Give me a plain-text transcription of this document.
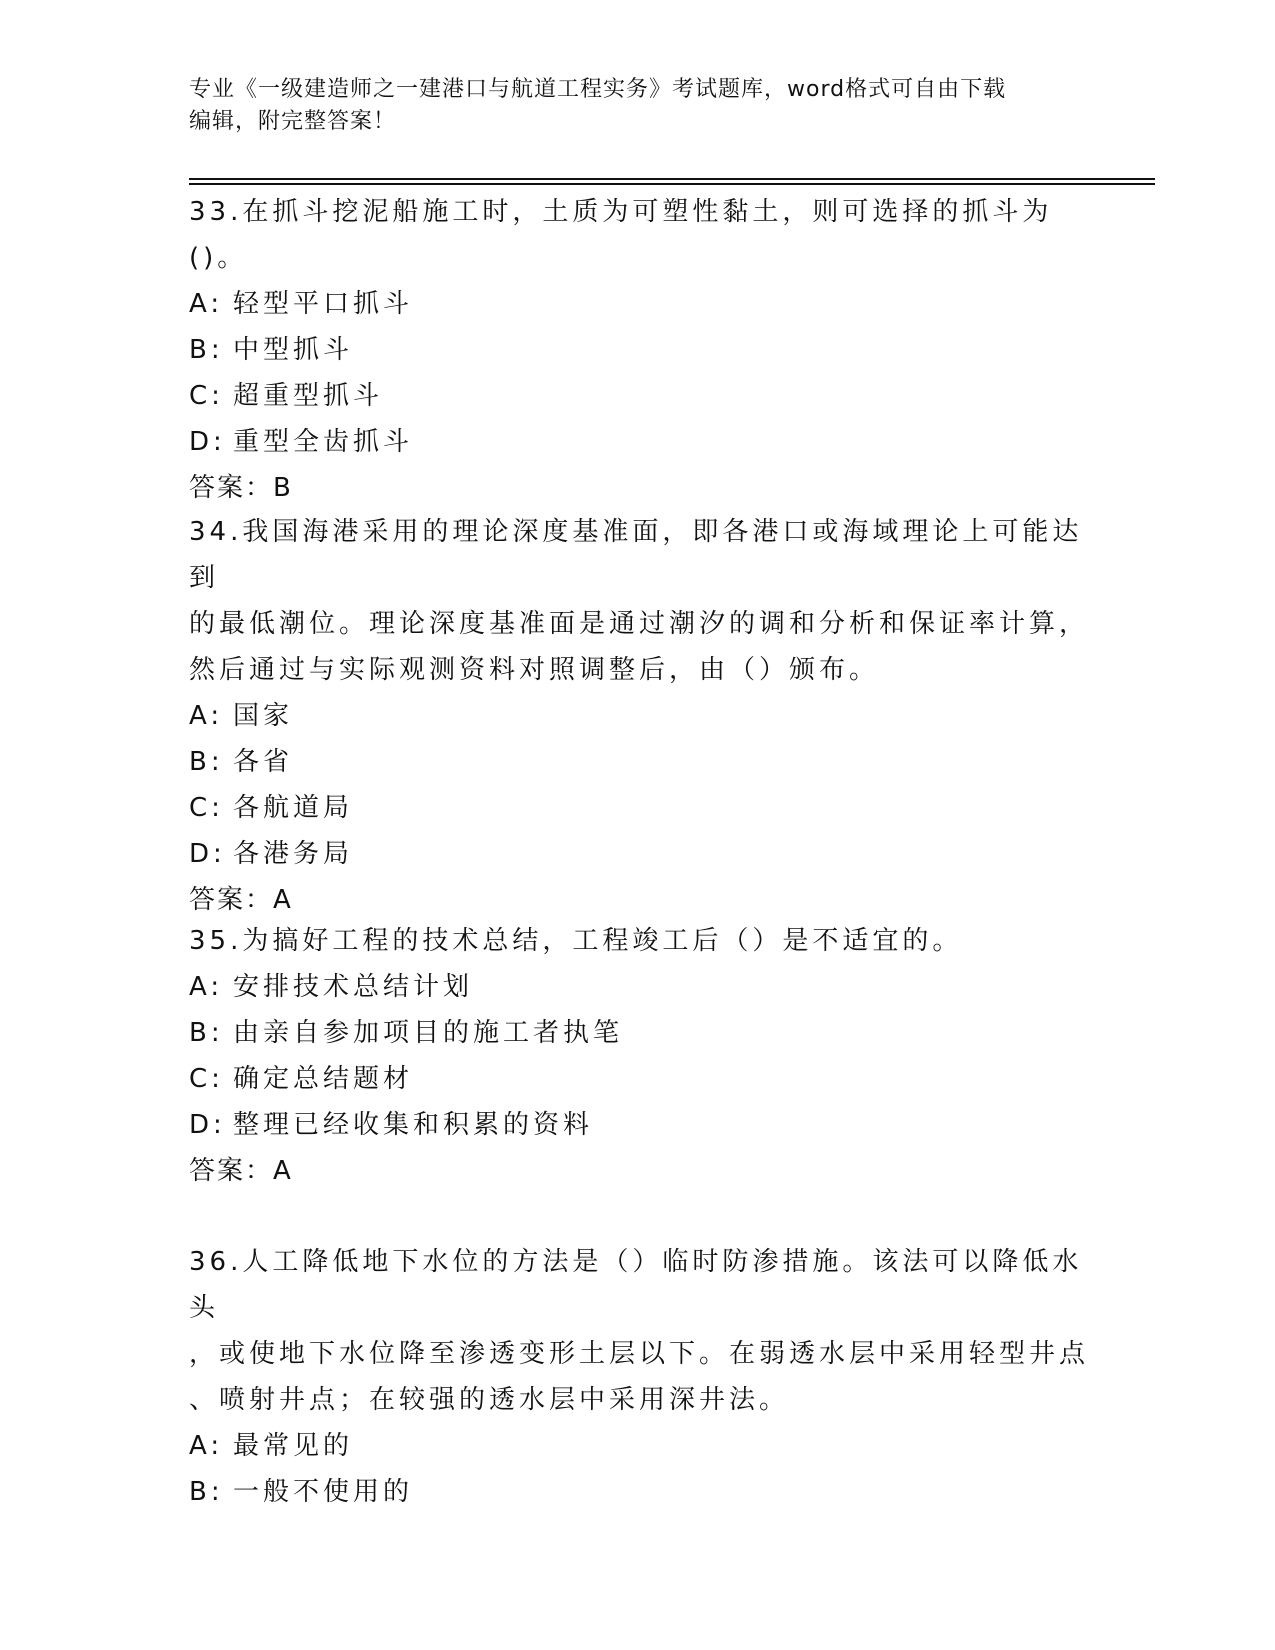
专业《一级建造师之一建港口与航道工程实务》考试题库，word格式可自由下载
编辑，附完整答案！
33.在抓斗挖泥船施工时，土质为可塑性黏土，则可选择的抓斗为()。
A: 轻型平口抓斗
B: 中型抓斗
C: 超重型抓斗
D: 重型全齿抓斗
答案：B
34.我国海港采用的理论深度基准面，即各港口或海域理论上可能达到
的最低潮位。理论深度基准面是通过潮汐的调和分析和保证率计算，
然后通过与实际观测资料对照调整后，由（）颁布。
A: 国家
B: 各省
C: 各航道局
D: 各港务局
答案：A
35.为搞好工程的技术总结，工程竣工后（）是不适宜的。
A: 安排技术总结计划
B: 由亲自参加项目的施工者执笔
C: 确定总结题材
D: 整理已经收集和积累的资料
答案：A
36.人工降低地下水位的方法是（）临时防渗措施。该法可以降低水头
，或使地下水位降至渗透变形土层以下。在弱透水层中采用轻型井点
、喷射井点；在较强的透水层中采用深井法。
A: 最常见的
B: 一般不使用的
